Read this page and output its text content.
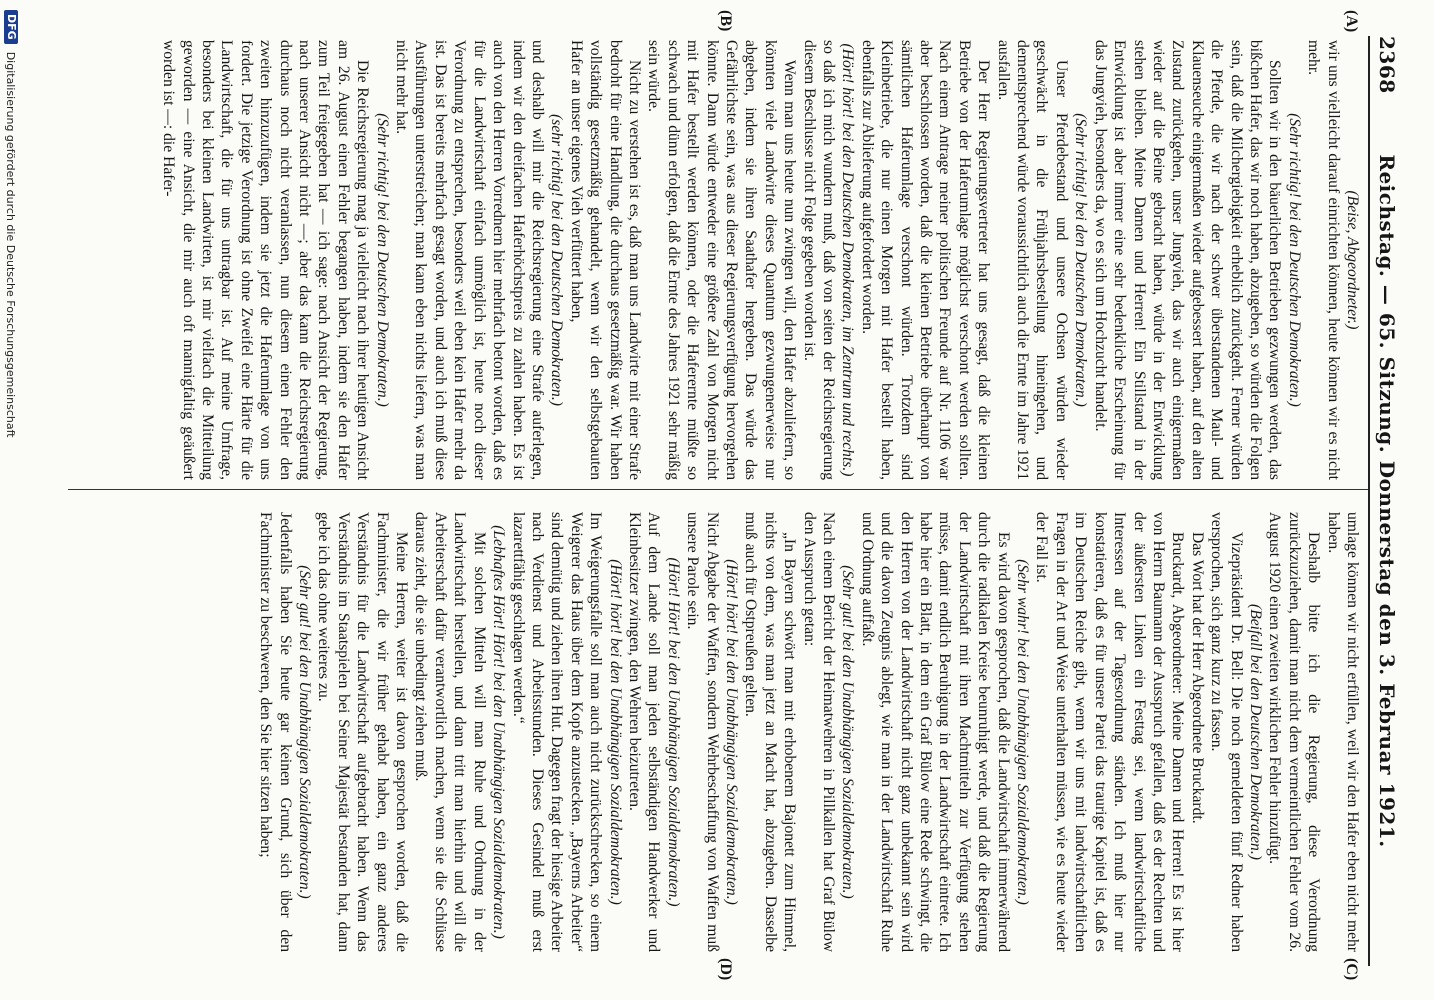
2368
Reichstag. — 65. Sitzung. Donnerstag den 3. Februar 1921.
(A)
(B)
(C)
(D)

(Beise, Abgeordneter.)

wir uns vielleicht darauf einrichten können, heute können wir es nicht mehr.

(Sehr richtig! bei den Deutschen Demokraten.)

Sollten wir in den bäuerlichen Betrieben gezwungen werden, das bißchen Hafer, das wir noch haben, abzugeben, so würden die Folgen sein, daß die Milchergiebigkeit erheblich zurückgeht. Ferner würden die Pferde, die wir nach der schwer überstandenen Maul- und Klauenseuche einigermaßen wieder aufgebessert haben, auf den alten Zustand zurückgehen, unser Jungvieh, das wir auch einigermaßen wieder auf die Beine gebracht haben, würde in der Entwicklung stehen bleiben. Meine Damen und Herren! Ein Stillstand in der Entwicklung ist aber immer eine sehr bedenkliche Erscheinung für das Jungvieh, besonders da, wo es sich um Hochzucht handelt.

(Sehr richtig! bei den Deutschen Demokraten.)

Unser Pferdebestand und unsere Ochsen würden wieder geschwächt in die Frühjahrsbestellung hineingehen, und dementsprechend würde voraussichtlich auch die Ernte im Jahre 1921 ausfallen.

Der Herr Regierungsvertreter hat uns gesagt, daß die kleinen Betriebe von der Haferumlage möglichst verschont werden sollten. Nach einem Antrage meiner politischen Freunde auf Nr. 1106 war aber beschlossen worden, daß die kleinen Betriebe überhaupt von sämtlichen Haferumlage verschont würden. Trotzdem sind Kleinbetriebe, die nur einen Morgen mit Hafer bestellt haben, ebenfalls zur Ablieferung aufgefordert worden.

(Hört! hört! bei den Deutschen Demokraten, im Zentrum und rechts.)

so daß ich mich wundern muß, daß von seiten der Reichsregierung diesem Beschlusse nicht Folge gegeben worden ist.

Wenn man uns heute nun zwingen will, den Hafer abzuliefern, so könnten viele Landwirte dieses Quantum gezwungenerweise nur abgeben, indem sie ihren Saathafer hergeben. Das würde das Gefährlichste sein, was aus dieser Regierungsverfügung hervorgehen könnte. Dann würde entweder eine größere Zahl von Morgen nicht mit Hafer bestellt werden können, oder die Haferernte müßte so schwach und dünn erfolgen, daß die Ernte des Jahres 1921 sehr mäßig sein würde.

Nicht zu verstehen ist es, daß man uns Landwirte mit einer Strafe bedroht für eine Handlung, die durchaus gesetzmäßig war. Wir haben vollständig gesetzmäßig gehandelt, wenn wir den selbstgebauten Hafer an unser eigenes Vieh verfüttert haben,

(sehr richtig! bei den Deutschen Demokraten.)

und deshalb will mir die Reichsregierung eine Strafe auferlegen, indem wir den dreifachen Haferhöchstpreis zu zahlen haben. Es ist auch von den Herren Vorrednern hier mehrfach betont worden, daß es für die Landwirtschaft einfach unmöglich ist, heute noch dieser Verordnung zu entsprechen, besonders weil eben kein Hafer mehr da ist. Das ist bereits mehrfach gesagt worden, und auch ich muß diese Ausführungen unterstreichen; man kann eben nichts liefern, was man nicht mehr hat.

(Sehr richtig! bei den Deutschen Demokraten.)

Die Reichsregierung mag ja vielleicht nach ihrer heutigen Ansicht am 26. August einen Fehler begangen haben, indem sie den Hafer zum Teil freigegeben hat — ich sage: nach Ansicht der Regierung, nach unserer Ansicht nicht —; aber das kann die Reichsregierung durchaus noch nicht veranlassen, nun diesem einen Fehler den zweiten hinzuzufügen, indem sie jetzt die Haferumlage von uns fordert. Die jetzige Verordnung ist ohne Zweifel eine Härte für die Landwirtschaft, die für uns untragbar ist. Auf meine Umfrage, besonders bei kleinen Landwirten, ist mir vielfach die Mitteilung geworden — eine Ansicht, die mir auch oft mannigfaltig geäußert worden ist —: die Hafer-

umlage können wir nicht erfüllen, weil wir den Hafer eben nicht mehr haben.

Deshalb bitte ich die Regierung, diese Verordnung zurückzuziehen, damit man nicht dem vermeintlichen Fehler vom 26. August 1920 einen zweiten wirklichen Fehler hinzufügt.

(Beifall bei den Deutschen Demokraten.)

Vizepräsident Dr. Bell: Die noch gemeldeten fünf Redner haben versprochen, sich ganz kurz zu fassen.

Das Wort hat der Herr Abgeordnete Bruckardt.

Bruckardt, Abgeordneter: Meine Damen und Herren! Es ist hier von Herrn Baumann der Ausspruch gefallen, daß es der Rechten und der äußersten Linken ein Festtag sei, wenn landwirtschaftliche Interessen auf der Tagesordnung ständen. Ich muß hier nur konstatieren, daß es für unsere Partei das traurige Kapitel ist, daß es im Deutschen Reiche gibt, wenn wir uns mit landwirtschaftlichen Fragen in der Art und Weise unterhalten müssen, wie es heute wieder der Fall ist.

(Sehr wahr! bei den Unabhängigen Sozialdemokraten.)

Es wird davon gesprochen, daß die Landwirtschaft immerwährend durch die radikalen Kreise beunruhigt werde, und daß die Regierung der Landwirtschaft mit ihren Machtmitteln zur Verfügung stehen müsse, damit endlich Beruhigung in der Landwirtschaft eintrete. Ich habe hier ein Blatt, in dem ein Graf Bülow eine Rede schwingt, die den Herren von der Landwirtschaft nicht ganz unbekannt sein wird und die davon Zeugnis ablegt, wie man in der Landwirtschaft Ruhe und Ordnung auffaßt.

(Sehr gut! bei den Unabhängigen Sozialdemokraten.)

Nach einem Bericht der Heimatwehren in Pillkallen hat Graf Bülow den Ausspruch getan:

„In Bayern schwört man mit erhobenem Bajonett zum Himmel, nichts von dem, was man jetzt an Macht hat, abzugeben. Dasselbe muß auch für Ostpreußen gelten.

(Hört! hört! bei den Unabhängigen Sozialdemokraten.)

Nicht Abgabe der Waffen, sondern Wehrbeschaffung von Waffen muß unsere Parole sein.

(Hört! Hört! bei den Unabhängigen Sozialdemokraten.)

Auf dem Lande soll man jeden selbständigen Handwerker und Kleinbesitzer zwingen, den Wehren beizutreten.

(Hört! hört! bei den Unabhängigen Sozialdemokraten.)

Im Weigerungsfalle soll man auch nicht zurückschrecken, so einem Weigerer das Haus über dem Kopfe anzustecken. „Bayerns Arbeiter“ sind demütig und ziehen ihren Hut. Dagegen fragt der hiesige Arbeiter nach Verdienst und Arbeitsstunden. Dieses Gesindel muß erst lazarettfähig geschlagen werden.“

(Lebhaftes Hört! Hört! bei den Unabhängigen Sozialdemokraten.)

Mit solchen Mitteln will man Ruhe und Ordnung in der Landwirtschaft herstellen, und dann tritt man hierhin und will die Arbeiterschaft dafür verantwortlich machen, wenn sie die Schlüsse daraus zieht, die sie unbedingt ziehen muß.

Meine Herren, weiter ist davon gesprochen worden, daß die Fachminister, die wir früher gehabt haben, ein ganz anderes Verständnis für die Landwirtschaft aufgebracht haben. Wenn das Verständnis im Staatspielen bei Seiner Majestät bestanden hat, dann gebe ich das ohne weiteres zu.

(Sehr gut! bei den Unabhängigen Sozialdemokraten.)

Jedenfalls haben Sie heute gar keinen Grund, sich über den Fachminister zu beschweren, den Sie hier sitzen haben;

DFG
Digitalisierung gefördert durch die Deutsche Forschungsgemeinschaft
